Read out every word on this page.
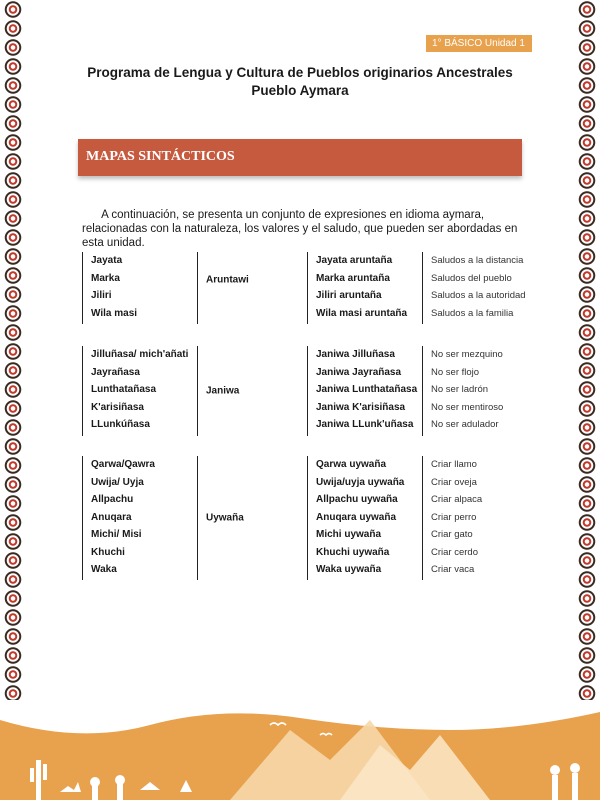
1° BÁSICO Unidad 1
Programa de Lengua y Cultura de Pueblos originarios Ancestrales
Pueblo Aymara
MAPAS SINTÁCTICOS

A continuación, se presenta un conjunto de expresiones en idioma aymara, relacionadas con la naturaleza, los valores y el saludo, que pueden ser abordadas en esta unidad.

Jayata
Marka
Jiliri
Wila masi
Aruntawi
Jayata aruntaña
Marka aruntaña
Jiliri aruntaña
Wila masi aruntaña
Saludos a la distancia
Saludos del pueblo
Saludos a la autoridad
Saludos a la familia
Jilluñasa/ mich'añati
Jayrañasa
Lunthatañasa
K'arisiñasa
LLunkúñasa
Janiwa
Janiwa Jilluñasa
Janiwa Jayrañasa
Janiwa Lunthatañasa
Janiwa K'arisiñasa
Janiwa LLunk'uñasa
No ser mezquino
No ser flojo
No ser ladrón
No ser mentiroso
No ser adulador
Qarwa/Qawra
Uwija/ Uyja
Allpachu
Anuqara
Michi/ Misi
Khuchi
Waka
Uywaña
Qarwa uywaña
Uwija/uyja uywaña
Allpachu uywaña
Anuqara uywaña
Michi uywaña
Khuchi uywaña
Waka uywaña
Criar llamo
Criar oveja
Criar alpaca
Criar perro
Criar gato
Criar cerdo
Criar vaca
